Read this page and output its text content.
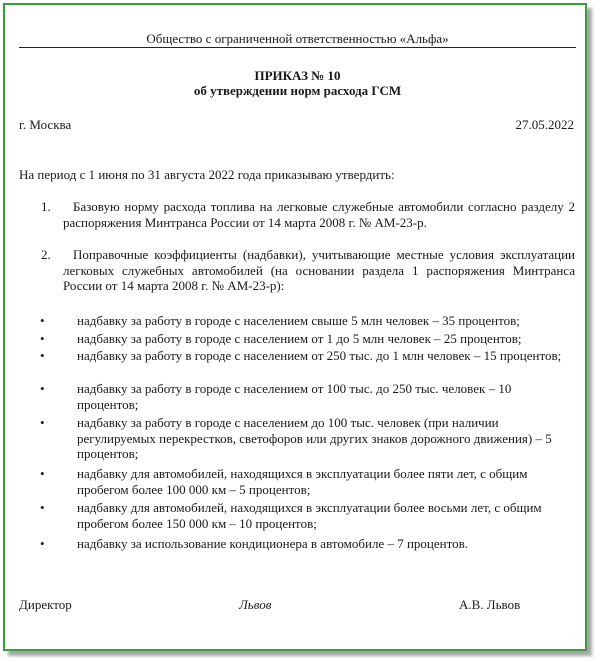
Общество с ограниченной ответственностью «Альфа»
ПРИКАЗ № 10
об утверждении норм расхода ГСМ
г. Москва	27.05.2022
На период с 1 июня по 31 августа 2022 года приказываю утвердить:
1.	Базовую норму расхода топлива на легковые служебные автомобили согласно разделу 2 распоряжения Минтранса России от 14 марта 2008 г. № АМ-23-р.
2.	Поправочные коэффициенты (надбавки), учитывающие местные условия эксплуатации легковых служебных автомобилей (на основании раздела 1 распоряжения Минтранса России от 14 марта 2008 г. № АМ-23-р):
• надбавку за работу в городе с населением свыше 5 млн человек – 35 процентов;
• надбавку за работу в городе с населением от 1 до 5 млн человек – 25 процентов;
• надбавку за работу в городе с населением от 250 тыс. до 1 млн человек – 15 процентов;
• надбавку за работу в городе с населением от 100 тыс. до 250 тыс. человек – 10 процентов;
• надбавку за работу в городе с населением до 100 тыс. человек (при наличии регулируемых перекрестков, светофоров или других знаков дорожного движения) – 5 процентов;
• надбавку для автомобилей, находящихся в эксплуатации более пяти лет, с общим пробегом более 100 000 км – 5 процентов;
• надбавку для автомобилей, находящихся в эксплуатации более восьми лет, с общим пробегом более 150 000 км – 10 процентов;
• надбавку за использование кондиционера в автомобиле – 7 процентов.
Директор	Львов	А.В. Львов
